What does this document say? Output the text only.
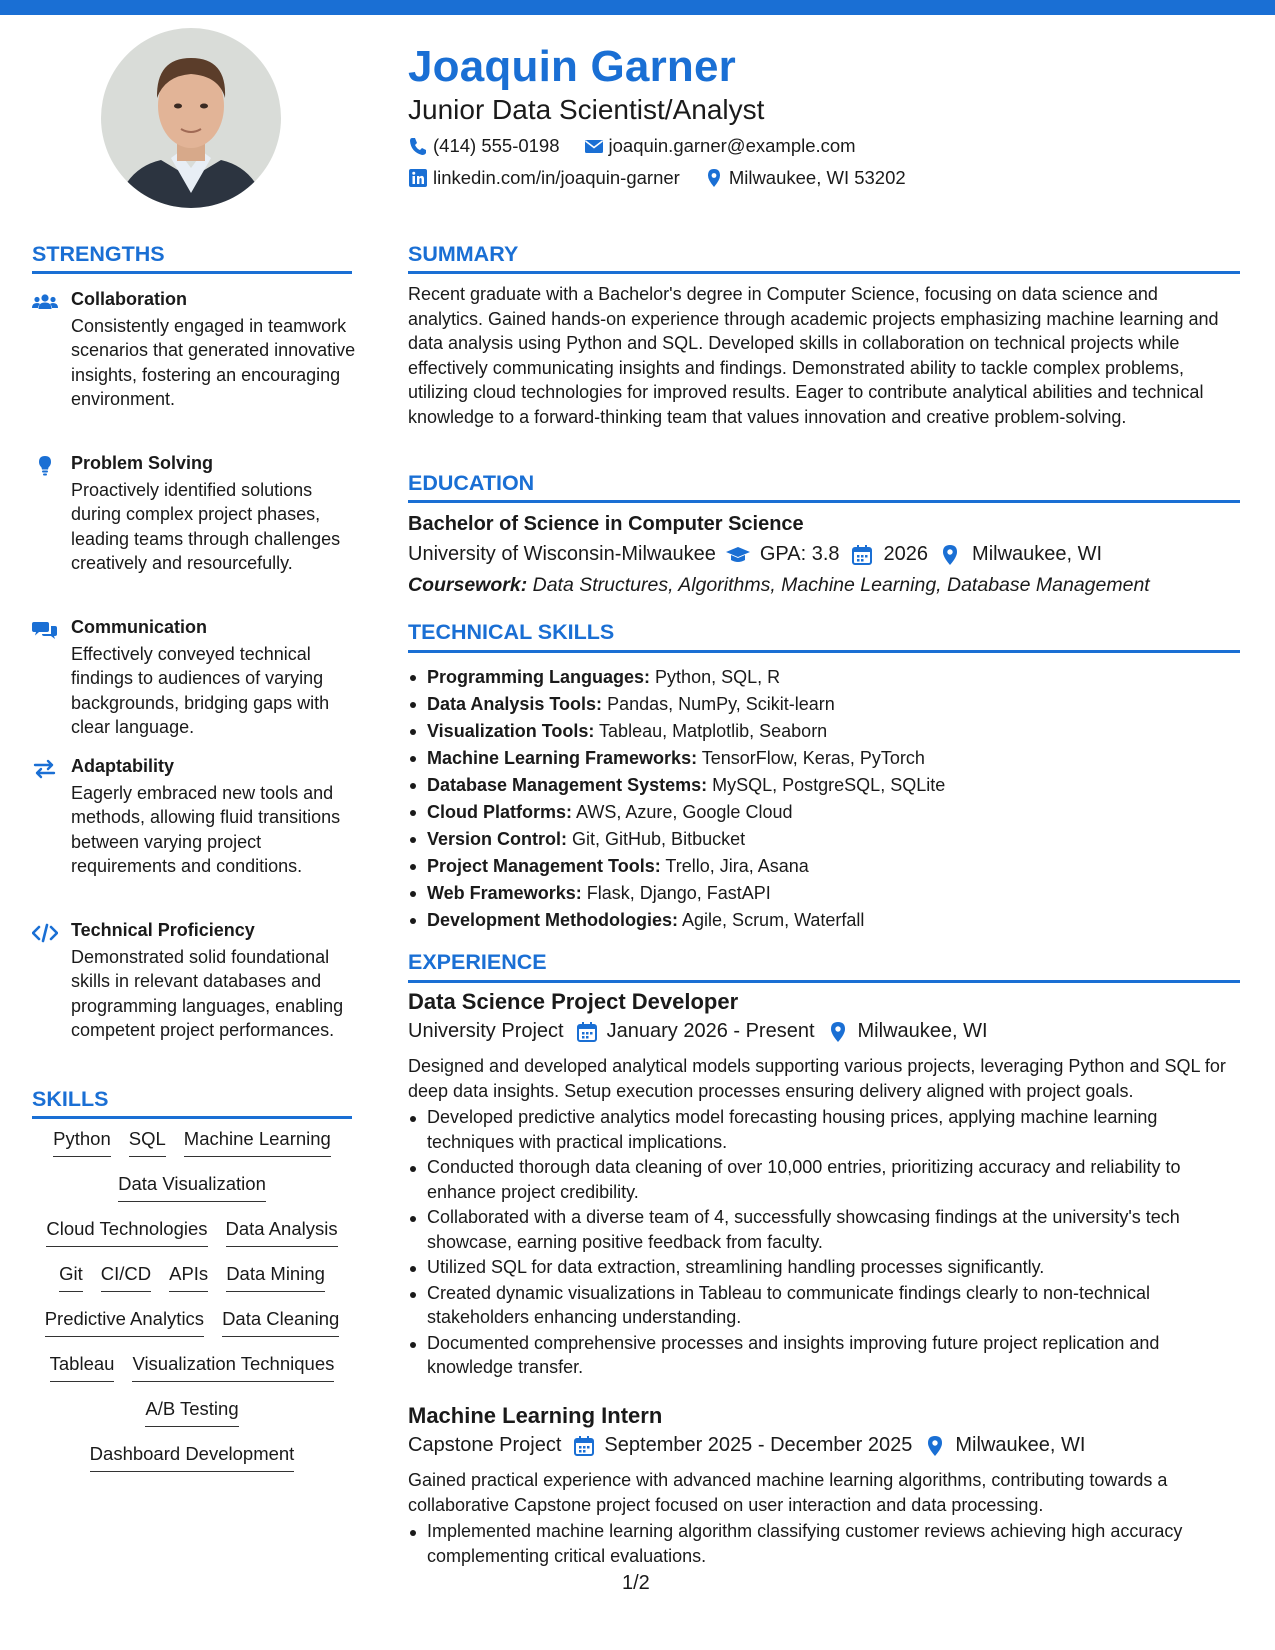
Joaquin Garner
Junior Data Scientist/Analyst
(414) 555-0198	joaquin.garner@example.com
linkedin.com/in/joaquin-garner	Milwaukee, WI 53202
STRENGTHS
Collaboration
Consistently engaged in teamwork scenarios that generated innovative insights, fostering an encouraging environment.
Problem Solving
Proactively identified solutions during complex project phases, leading teams through challenges creatively and resourcefully.
Communication
Effectively conveyed technical findings to audiences of varying backgrounds, bridging gaps with clear language.
Adaptability
Eagerly embraced new tools and methods, allowing fluid transitions between varying project requirements and conditions.
Technical Proficiency
Demonstrated solid foundational skills in relevant databases and programming languages, enabling competent project performances.
SKILLS
Python SQL Machine Learning
Data Visualization
Cloud Technologies Data Analysis
Git CI/CD APIs Data Mining
Predictive Analytics Data Cleaning
Tableau Visualization Techniques
A/B Testing
Dashboard Development
SUMMARY
Recent graduate with a Bachelor's degree in Computer Science, focusing on data science and analytics. Gained hands-on experience through academic projects emphasizing machine learning and data analysis using Python and SQL. Developed skills in collaboration on technical projects while effectively communicating insights and findings. Demonstrated ability to tackle complex problems, utilizing cloud technologies for improved results. Eager to contribute analytical abilities and technical knowledge to a forward-thinking team that values innovation and creative problem-solving.
EDUCATION
Bachelor of Science in Computer Science
University of Wisconsin-Milwaukee GPA: 3.8 2026 Milwaukee, WI
Coursework: Data Structures, Algorithms, Machine Learning, Database Management
TECHNICAL SKILLS
Programming Languages: Python, SQL, R
Data Analysis Tools: Pandas, NumPy, Scikit-learn
Visualization Tools: Tableau, Matplotlib, Seaborn
Machine Learning Frameworks: TensorFlow, Keras, PyTorch
Database Management Systems: MySQL, PostgreSQL, SQLite
Cloud Platforms: AWS, Azure, Google Cloud
Version Control: Git, GitHub, Bitbucket
Project Management Tools: Trello, Jira, Asana
Web Frameworks: Flask, Django, FastAPI
Development Methodologies: Agile, Scrum, Waterfall
EXPERIENCE
Data Science Project Developer
University Project January 2026 - Present Milwaukee, WI
Designed and developed analytical models supporting various projects, leveraging Python and SQL for deep data insights. Setup execution processes ensuring delivery aligned with project goals.
Developed predictive analytics model forecasting housing prices, applying machine learning techniques with practical implications.
Conducted thorough data cleaning of over 10,000 entries, prioritizing accuracy and reliability to enhance project credibility.
Collaborated with a diverse team of 4, successfully showcasing findings at the university's tech showcase, earning positive feedback from faculty.
Utilized SQL for data extraction, streamlining handling processes significantly.
Created dynamic visualizations in Tableau to communicate findings clearly to non-technical stakeholders enhancing understanding.
Documented comprehensive processes and insights improving future project replication and knowledge transfer.
Machine Learning Intern
Capstone Project September 2025 - December 2025 Milwaukee, WI
Gained practical experience with advanced machine learning algorithms, contributing towards a collaborative Capstone project focused on user interaction and data processing.
Implemented machine learning algorithm classifying customer reviews achieving high accuracy complementing critical evaluations.
1/2
